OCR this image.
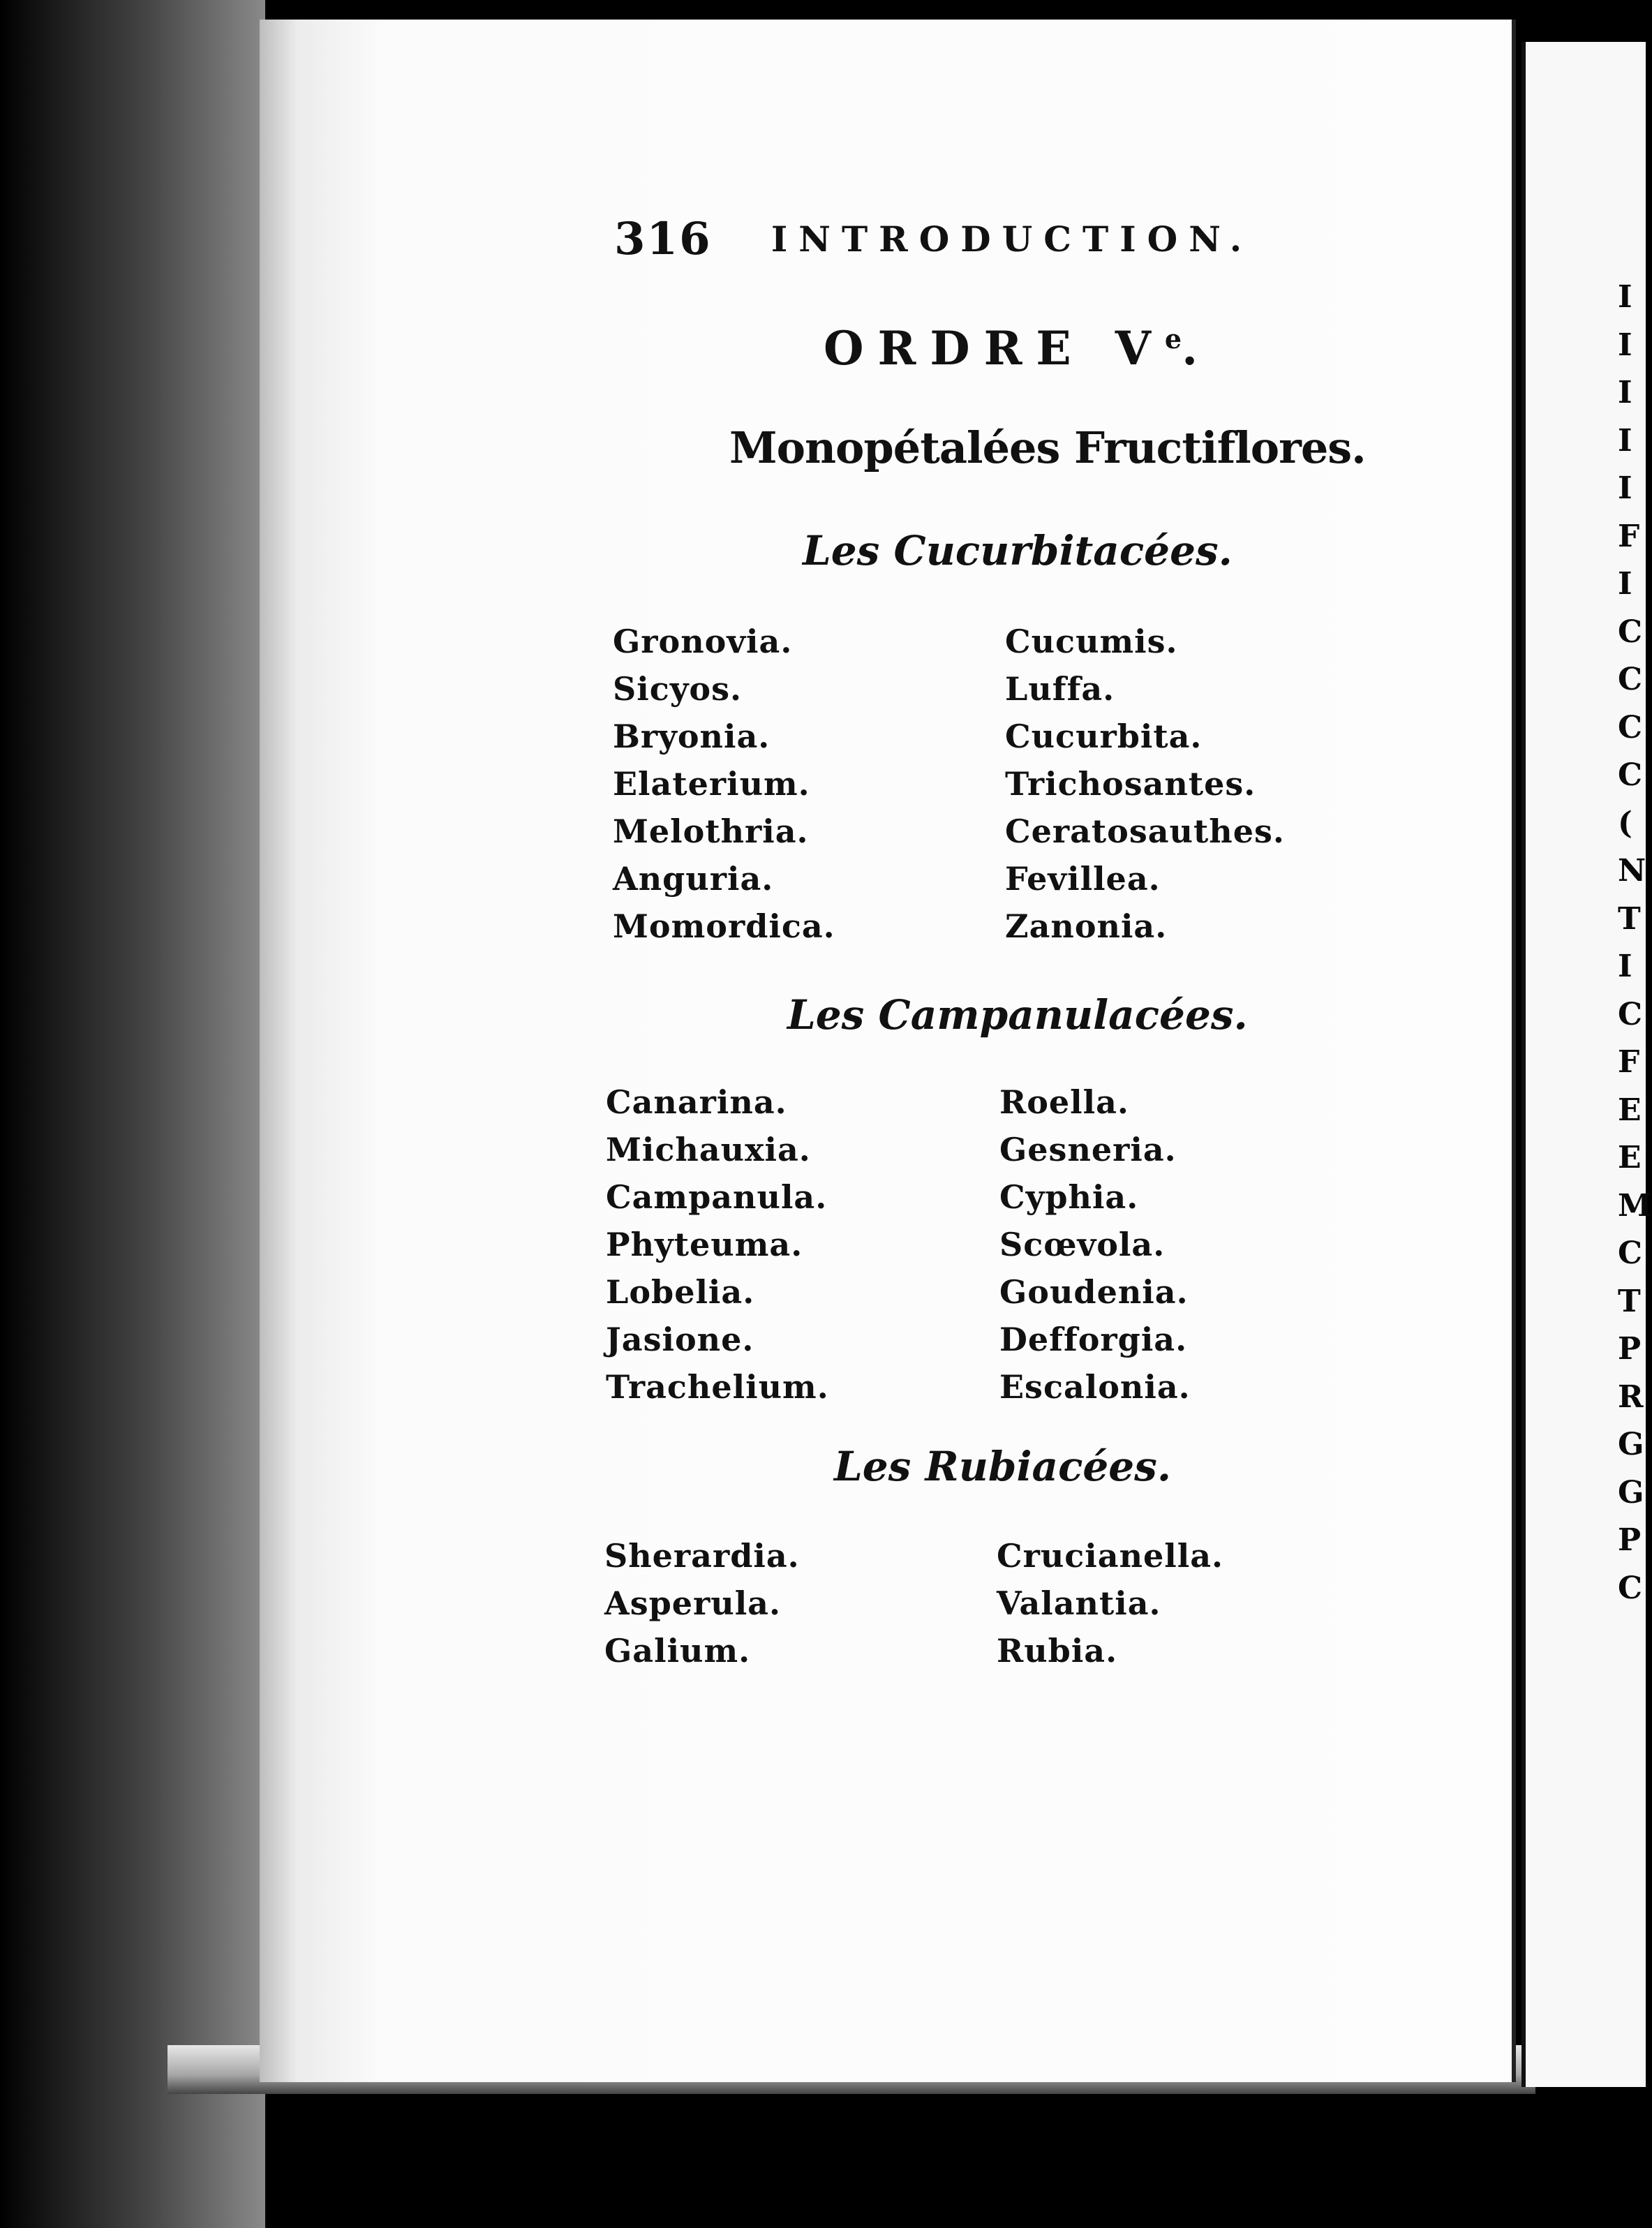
I
I
I
I
I
F
I
C
C
C
C
(
N
T
I
C
F
E
E
M
C
T
P
R
G
G
P
C

316 INTRODUCTION.
ORDRE Ve.
Monopétalées Fructiflores.
Les Cucurbitacées.
Gronovia.
Sicyos.
Bryonia.
Elaterium.
Melothria.
Anguria.
Momordica.
Cucumis.
Luffa.
Cucurbita.
Trichosantes.
Ceratosauthes.
Fevillea.
Zanonia.
Les Campanulacées.
Canarina.
Michauxia.
Campanula.
Phyteuma.
Lobelia.
Jasione.
Trachelium.
Roella.
Gesneria.
Cyphia.
Scœvola.
Goudenia.
Defforgia.
Escalonia.
Les Rubiacées.
Sherardia.
Asperula.
Galium.
Crucianella.
Valantia.
Rubia.
